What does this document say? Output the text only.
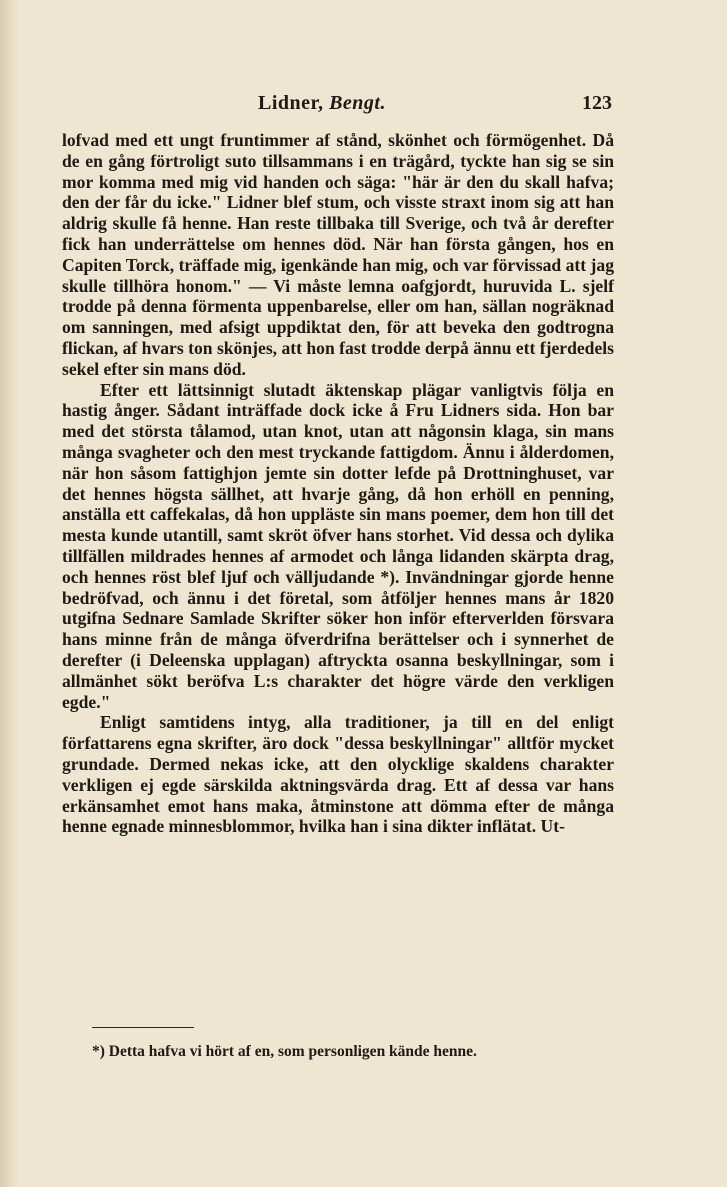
Lidner, Bengt.	123

lofvad med ett ungt fruntimmer af stånd, skönhet och förmögenhet. Då de en gång förtroligt suto tillsammans i en trägård, tyckte han sig se sin mor komma med mig vid handen och säga: "här är den du skall hafva; den der får du icke." Lidner blef stum, och visste straxt inom sig att han aldrig skulle få henne. Han reste tillbaka till Sverige, och två år derefter fick han underrättelse om hennes död. När han första gången, hos en Capiten Torck, träffade mig, igenkände han mig, och var förvissad att jag skulle tillhöra honom." — Vi måste lemna oafgjordt, huruvida L. sjelf trodde på denna förmenta uppenbarelse, eller om han, sällan nogräknad om sanningen, med afsigt uppdiktat den, för att beveka den godtrogna flickan, af hvars ton skönjes, att hon fast trodde derpå ännu ett fjerdedels sekel efter sin mans död.

Efter ett lättsinnigt slutadt äktenskap plägar vanligtvis följa en hastig ånger. Sådant inträffade dock icke å Fru Lidners sida. Hon bar med det största tålamod, utan knot, utan att någonsin klaga, sin mans många svagheter och den mest tryckande fattigdom. Ännu i ålderdomen, när hon såsom fattighjon jemte sin dotter lefde på Drottninghuset, var det hennes högsta sällhet, att hvarje gång, då hon erhöll en penning, anställa ett caffekalas, då hon uppläste sin mans poemer, dem hon till det mesta kunde utantill, samt skröt öfver hans storhet. Vid dessa och dylika tillfällen mildrades hennes af armodet och långa lidanden skärpta drag, och hennes röst blef ljuf och välljudande *). Invändningar gjorde henne bedröfvad, och ännu i det företal, som åtföljer hennes mans år 1820 utgifna Sednare Samlade Skrifter söker hon inför efterverlden försvara hans minne från de många öfverdrifna berättelser och i synnerhet de derefter (i Deleenska upplagan) aftryckta osanna beskyllningar, som i allmänhet sökt beröfva L:s charakter det högre värde den verkligen egde."

Enligt samtidens intyg, alla traditioner, ja till en del enligt författarens egna skrifter, äro dock "dessa beskyllningar" alltför mycket grundade. Dermed nekas icke, att den olycklige skaldens charakter verkligen ej egde särskilda aktningsvärda drag. Ett af dessa var hans erkänsamhet emot hans maka, åtminstone att dömma efter de många henne egnade minnesblommor, hvilka han i sina dikter inflätat. Ut-

*) Detta hafva vi hört af en, som personligen kände henne.
